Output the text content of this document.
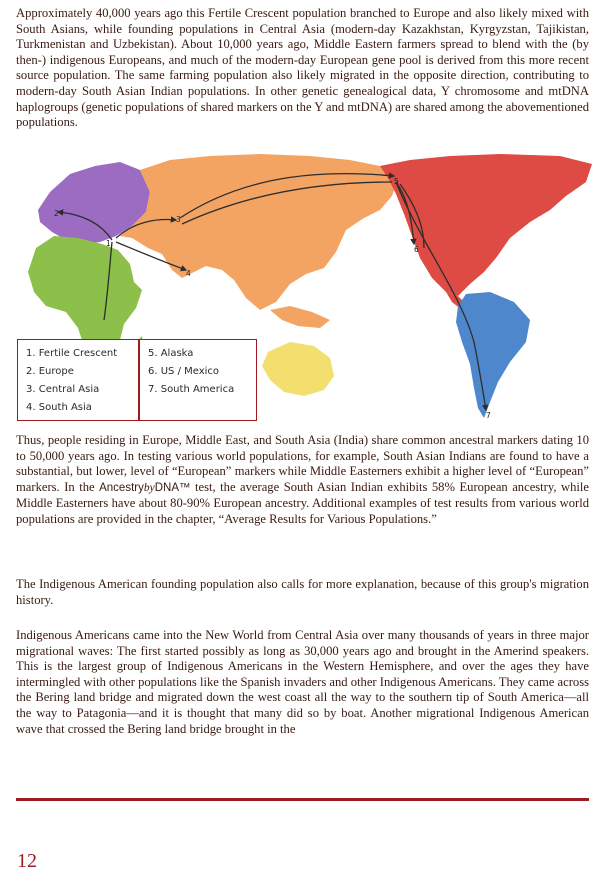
Approximately 40,000 years ago this Fertile Crescent population branched to Europe and also likely mixed with South Asians, while founding populations in Central Asia (modern-day Kazakhstan, Kyrgyzstan, Tajikistan, Turkmenistan and Uzbekistan). About 10,000 years ago, Middle Eastern farmers spread to blend with the (by then-) indigenous Europeans, and much of the modern-day European gene pool is derived from this more recent source population. The same farming population also likely migrated in the opposite direction, contributing to modern-day South Asian Indian populations. In other genetic genealogical data, Y chromosome and mtDNA haplogroups (genetic populations of shared markers on the Y and mtDNA) are shared among the abovementioned populations.

1
2
3
4
5
6
7
1. Fertile Crescent
2. Europe
3. Central Asia
4. South Asia
5. Alaska
6. US / Mexico
7. South America

Thus, people residing in Europe, Middle East, and South Asia (India) share common ancestral markers dating 10 to 50,000 years ago. In testing various world populations, for example, South Asian Indians are found to have a substantial, but lower, level of “European” markers while Middle Easterners exhibit a higher level of “European” markers. In the AncestrybyDNA™ test, the average South Asian Indian exhibits 58% European ancestry, while Middle Easterners have about 80-90% European ancestry. Additional examples of test results from various world populations are provided in the chapter, “Average Results for Various Populations.”

The Indigenous American founding population also calls for more explanation, because of this group's migration history.

Indigenous Americans came into the New World from Central Asia over many thousands of years in three major migrational waves: The first started possibly as long as 30,000 years ago and brought in the Amerind speakers. This is the largest group of Indigenous Americans in the Western Hemisphere, and over the ages they have intermingled with other populations like the Spanish invaders and other Indigenous Americans. They came across the Bering land bridge and migrated down the west coast all the way to the southern tip of South America—all the way to Patagonia—and it is thought that many did so by boat. Another migrational Indigenous American wave that crossed the Bering land bridge brought in the

12
